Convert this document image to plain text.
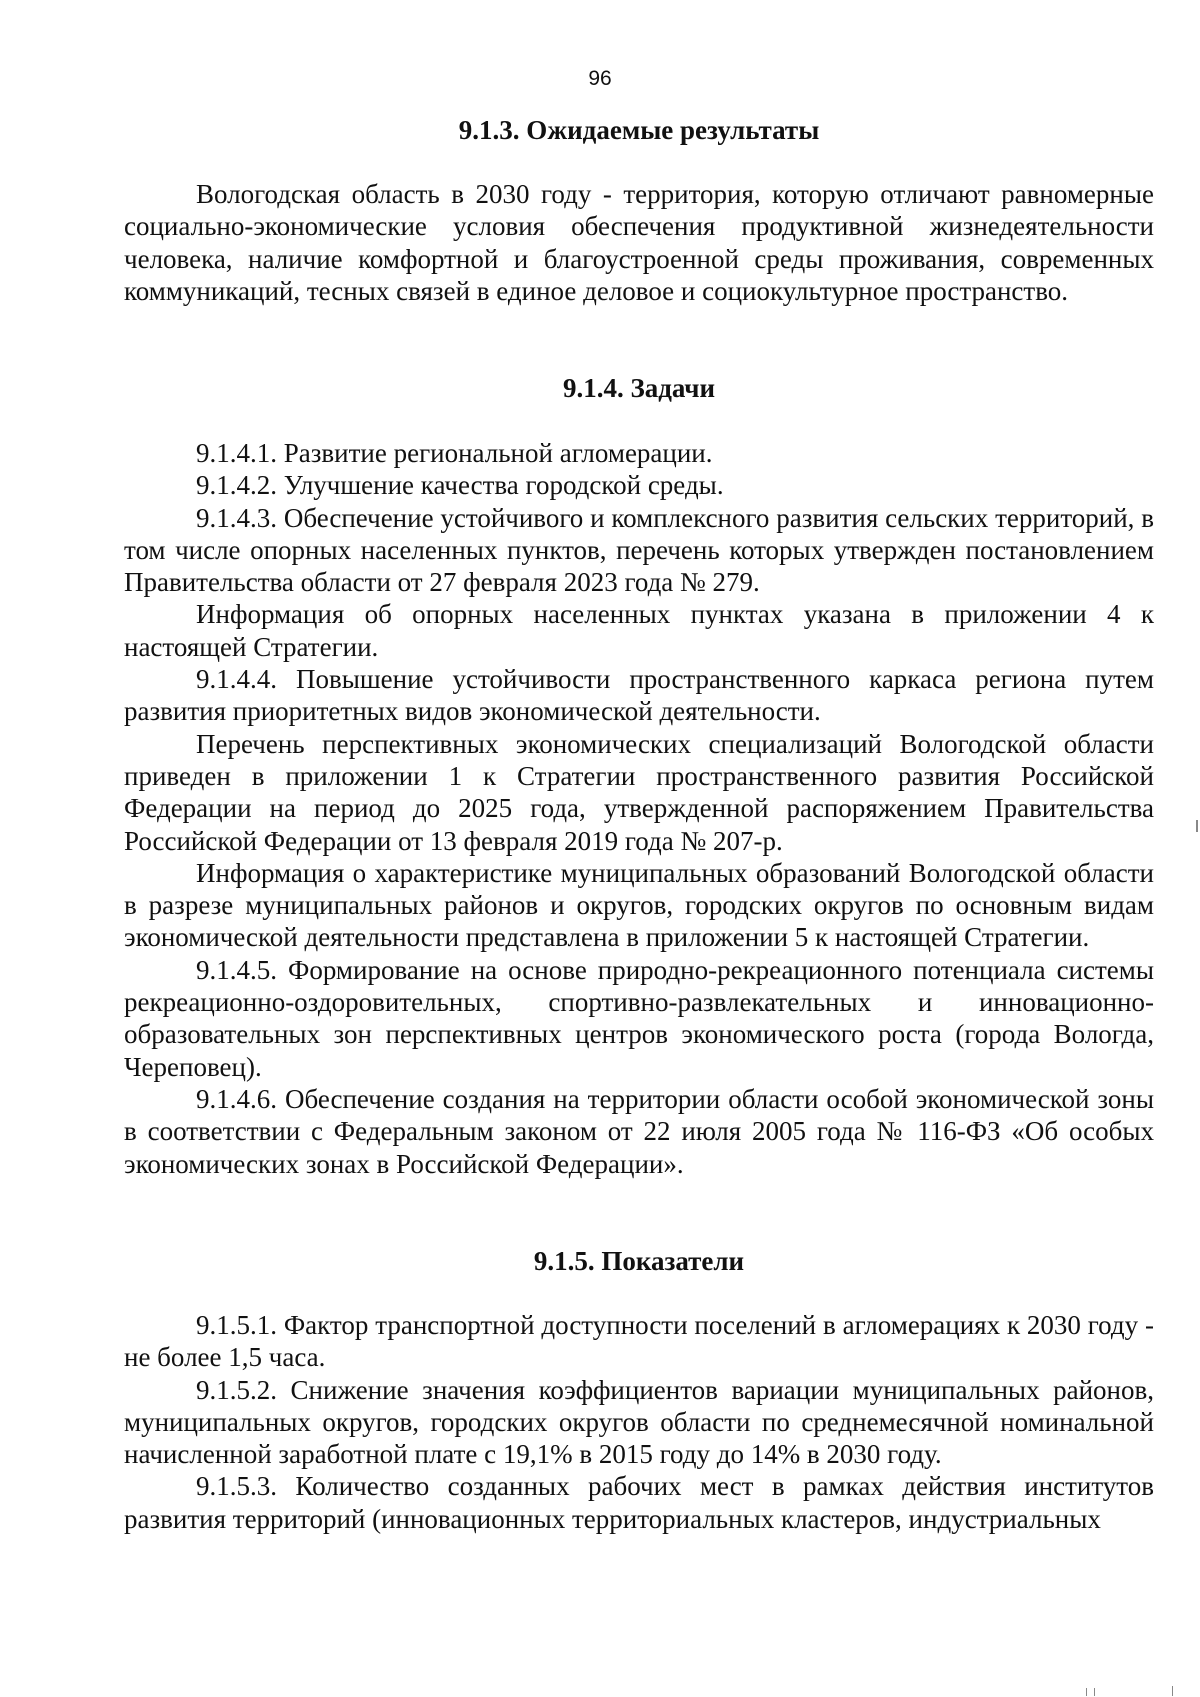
96
9.1.3. Ожидаемые результаты

Вологодская область в 2030 году - территория, которую отличают равномерные социально-экономические условия обеспечения продуктивной жизнедеятельности человека, наличие комфортной и благоустроенной среды проживания, современных коммуникаций, тесных связей в единое деловое и социокультурное пространство.

9.1.4. Задачи

9.1.4.1. Развитие региональной агломерации.

9.1.4.2. Улучшение качества городской среды.

9.1.4.3. Обеспечение устойчивого и комплексного развития сельских территорий, в том числе опорных населенных пунктов, перечень которых утвержден постановлением Правительства области от 27 февраля 2023 года № 279.

Информация об опорных населенных пунктах указана в приложении 4 к настоящей Стратегии.

9.1.4.4. Повышение устойчивости пространственного каркаса региона путем развития приоритетных видов экономической деятельности.

Перечень перспективных экономических специализаций Вологодской области приведен в приложении 1 к Стратегии пространственного развития Российской Федерации на период до 2025 года, утвержденной распоряжением Правительства Российской Федерации от 13 февраля 2019 года № 207-р.

Информация о характеристике муниципальных образований Вологодской области в разрезе муниципальных районов и округов, городских округов по основным видам экономической деятельности представлена в приложении 5 к настоящей Стратегии.

9.1.4.5. Формирование на основе природно-рекреационного потенциала системы рекреационно-оздоровительных, спортивно-развлекательных и инновационно-образовательных зон перспективных центров экономического роста (города Вологда, Череповец).

9.1.4.6. Обеспечение создания на территории области особой экономической зоны в соответствии с Федеральным законом от 22 июля 2005 года № 116-ФЗ «Об особых экономических зонах в Российской Федерации».

9.1.5. Показатели

9.1.5.1. Фактор транспортной доступности поселений в агломерациях к 2030 году - не более 1,5 часа.

9.1.5.2. Снижение значения коэффициентов вариации муниципальных районов, муниципальных округов, городских округов области по среднемесячной номинальной начисленной заработной плате с 19,1% в 2015 году до 14% в 2030 году.

9.1.5.3. Количество созданных рабочих мест в рамках действия институтов развития территорий (инновационных территориальных кластеров, индустриальных
